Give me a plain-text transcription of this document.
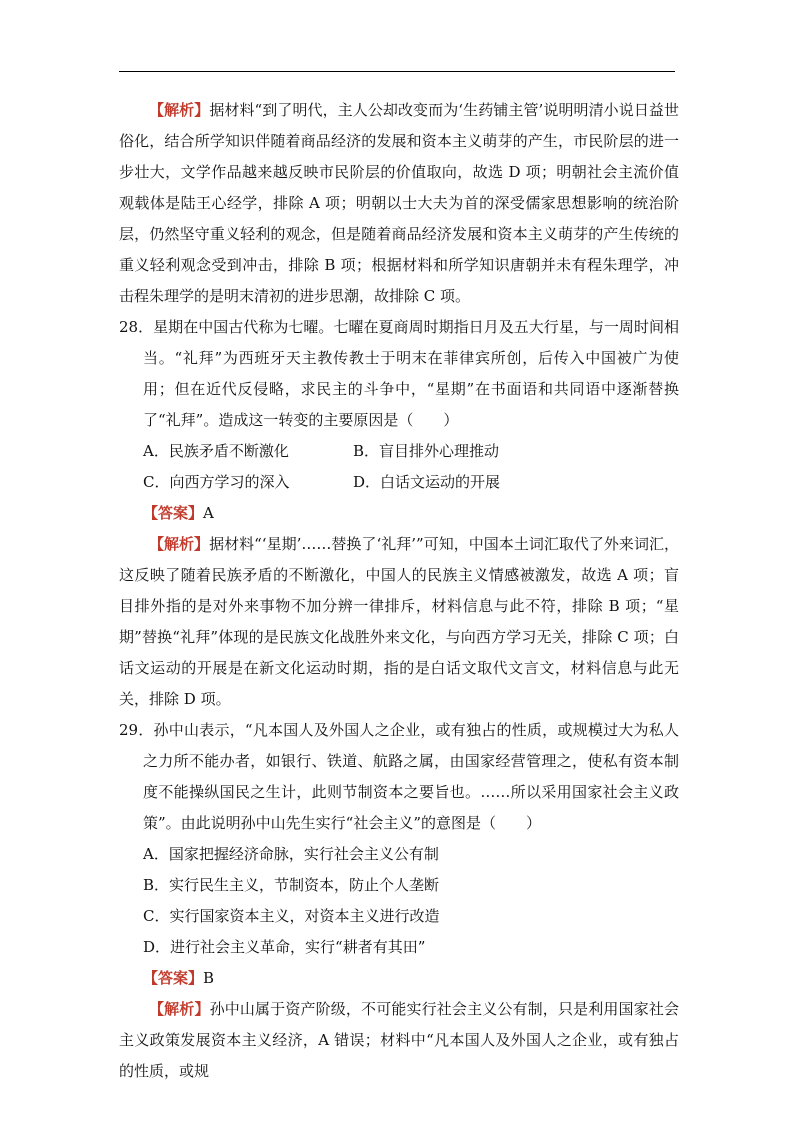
【解析】据材料“到了明代，主人公却改变而为‘生药铺主管’说明明清小说日益世俗化，结合所学知识伴随着商品经济的发展和资本主义萌芽的产生，市民阶层的进一步壮大，文学作品越来越反映市民阶层的价值取向，故选 D 项；明朝社会主流价值观载体是陆王心经学，排除 A 项；明朝以士大夫为首的深受儒家思想影响的统治阶层，仍然坚守重义轻利的观念，但是随着商品经济发展和资本主义萌芽的产生传统的重义轻利观念受到冲击，排除 B 项；根据材料和所学知识唐朝并未有程朱理学，冲击程朱理学的是明末清初的进步思潮，故排除 C 项。

28．星期在中国古代称为七曜。七曜在夏商周时期指日月及五大行星，与一周时间相当。“礼拜”为西班牙天主教传教士于明末在菲律宾所创，后传入中国被广为使用；但在近代反侵略，求民主的斗争中，“星期”在书面语和共同语中逐渐替换了“礼拜”。造成这一转变的主要原因是（　　）

A．民族矛盾不断激化	B．盲目排外心理推动
C．向西方学习的深入	D．白话文运动的开展
【答案】A

【解析】据材料“‘星期’……替换了‘礼拜’”可知，中国本土词汇取代了外来词汇，这反映了随着民族矛盾的不断激化，中国人的民族主义情感被激发，故选 A 项；盲目排外指的是对外来事物不加分辨一律排斥，材料信息与此不符，排除 B 项；“星期”替换“礼拜”体现的是民族文化战胜外来文化，与向西方学习无关，排除 C 项；白话文运动的开展是在新文化运动时期，指的是白话文取代文言文，材料信息与此无关，排除 D 项。

29．孙中山表示，“凡本国人及外国人之企业，或有独占的性质，或规模过大为私人之力所不能办者，如银行、铁道、航路之属，由国家经营管理之，使私有资本制度不能操纵国民之生计，此则节制资本之要旨也。……所以采用国家社会主义政策”。由此说明孙中山先生实行“社会主义”的意图是（　　）

A．国家把握经济命脉，实行社会主义公有制
B．实行民生主义，节制资本，防止个人垄断
C．实行国家资本主义，对资本主义进行改造
D．进行社会主义革命，实行“耕者有其田”
【答案】B

【解析】孙中山属于资产阶级，不可能实行社会主义公有制，只是利用国家社会主义政策发展资本主义经济，A 错误；材料中“凡本国人及外国人之企业，或有独占的性质，或规
